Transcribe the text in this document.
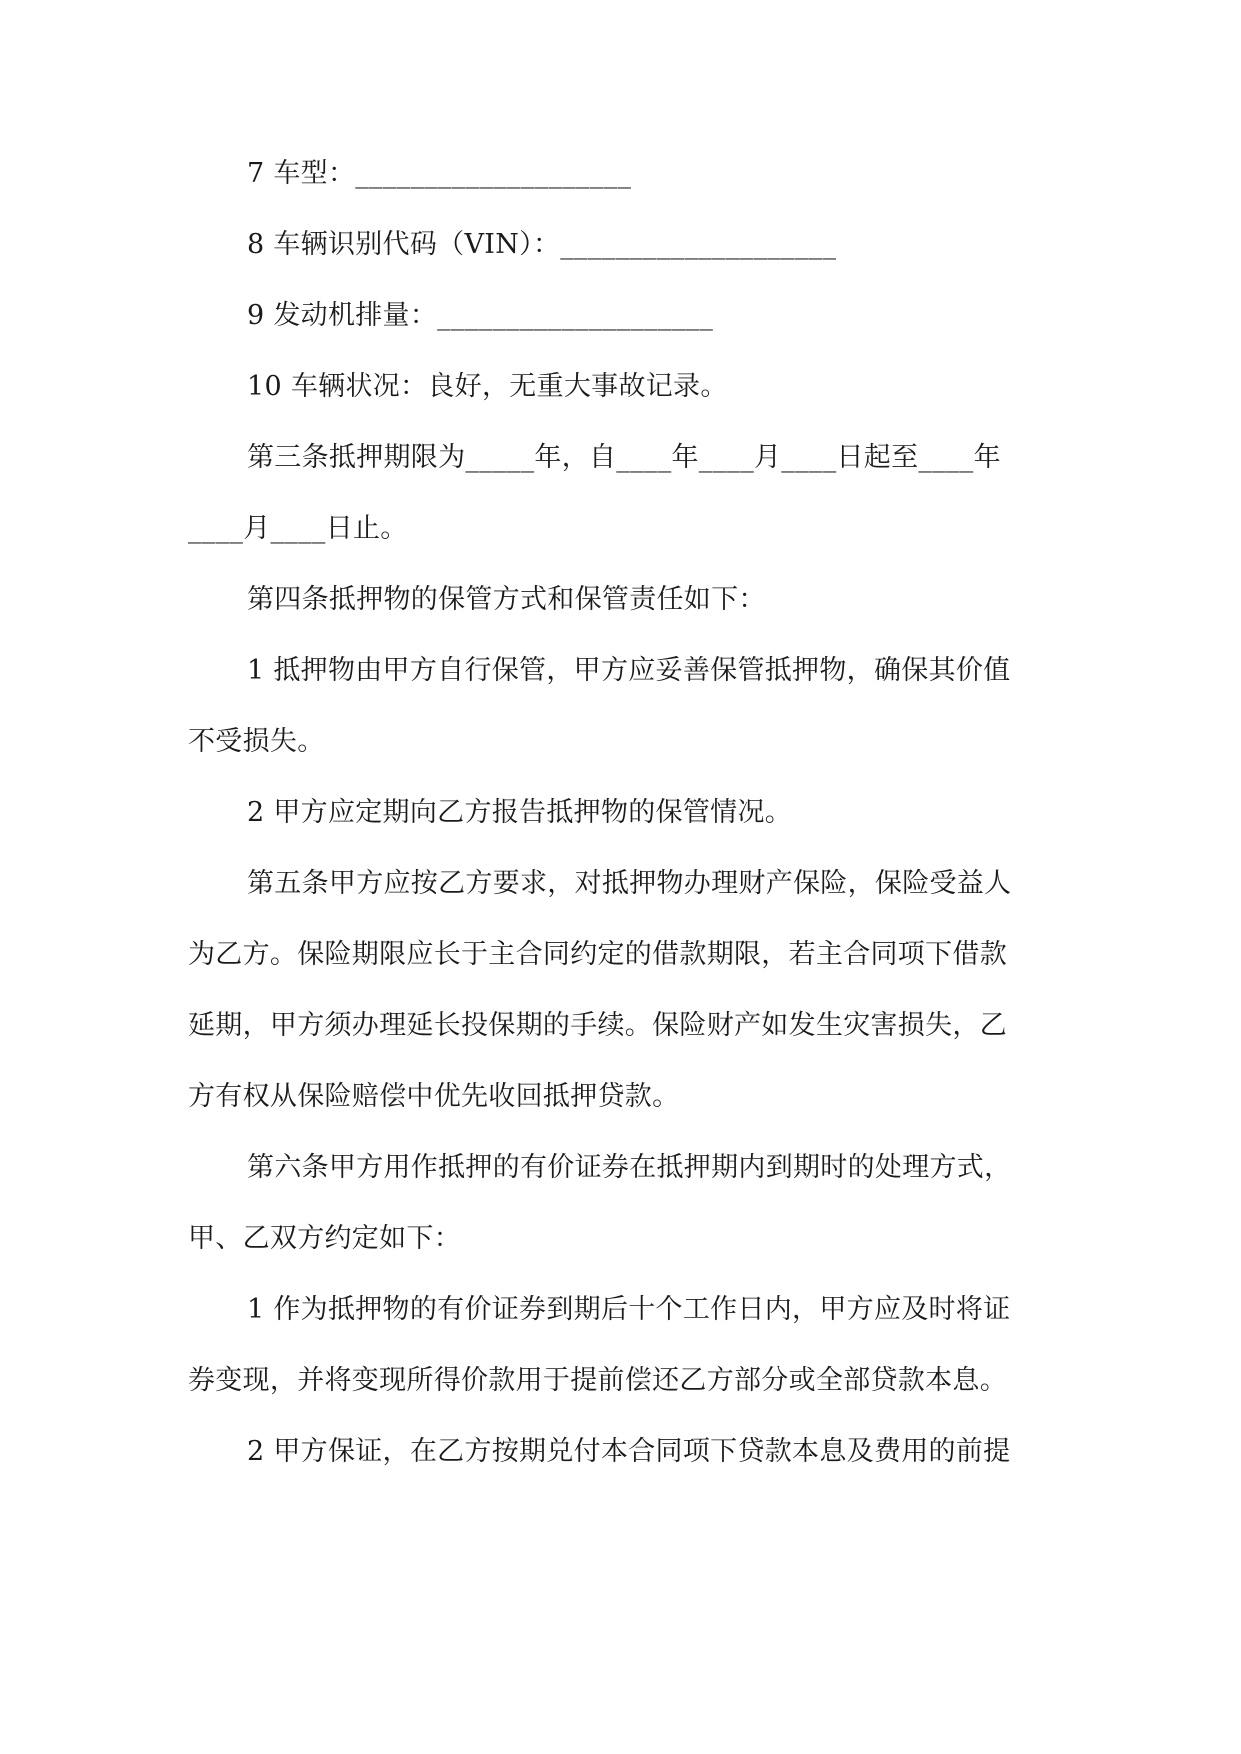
7 车型：____________________
8 车辆识别代码（VIN）：____________________
9 发动机排量：____________________
10 车辆状况：良好，无重大事故记录。
第三条抵押期限为_____年，自____年____月____日起至____年
____月____日止。
第四条抵押物的保管方式和保管责任如下：
1 抵押物由甲方自行保管，甲方应妥善保管抵押物，确保其价值
不受损失。
2 甲方应定期向乙方报告抵押物的保管情况。
第五条甲方应按乙方要求，对抵押物办理财产保险，保险受益人
为乙方。保险期限应长于主合同约定的借款期限，若主合同项下借款
延期，甲方须办理延长投保期的手续。保险财产如发生灾害损失，乙
方有权从保险赔偿中优先收回抵押贷款。
第六条甲方用作抵押的有价证券在抵押期内到期时的处理方式，
甲、乙双方约定如下：
1 作为抵押物的有价证券到期后十个工作日内，甲方应及时将证
券变现，并将变现所得价款用于提前偿还乙方部分或全部贷款本息。
2 甲方保证，在乙方按期兑付本合同项下贷款本息及费用的前提
